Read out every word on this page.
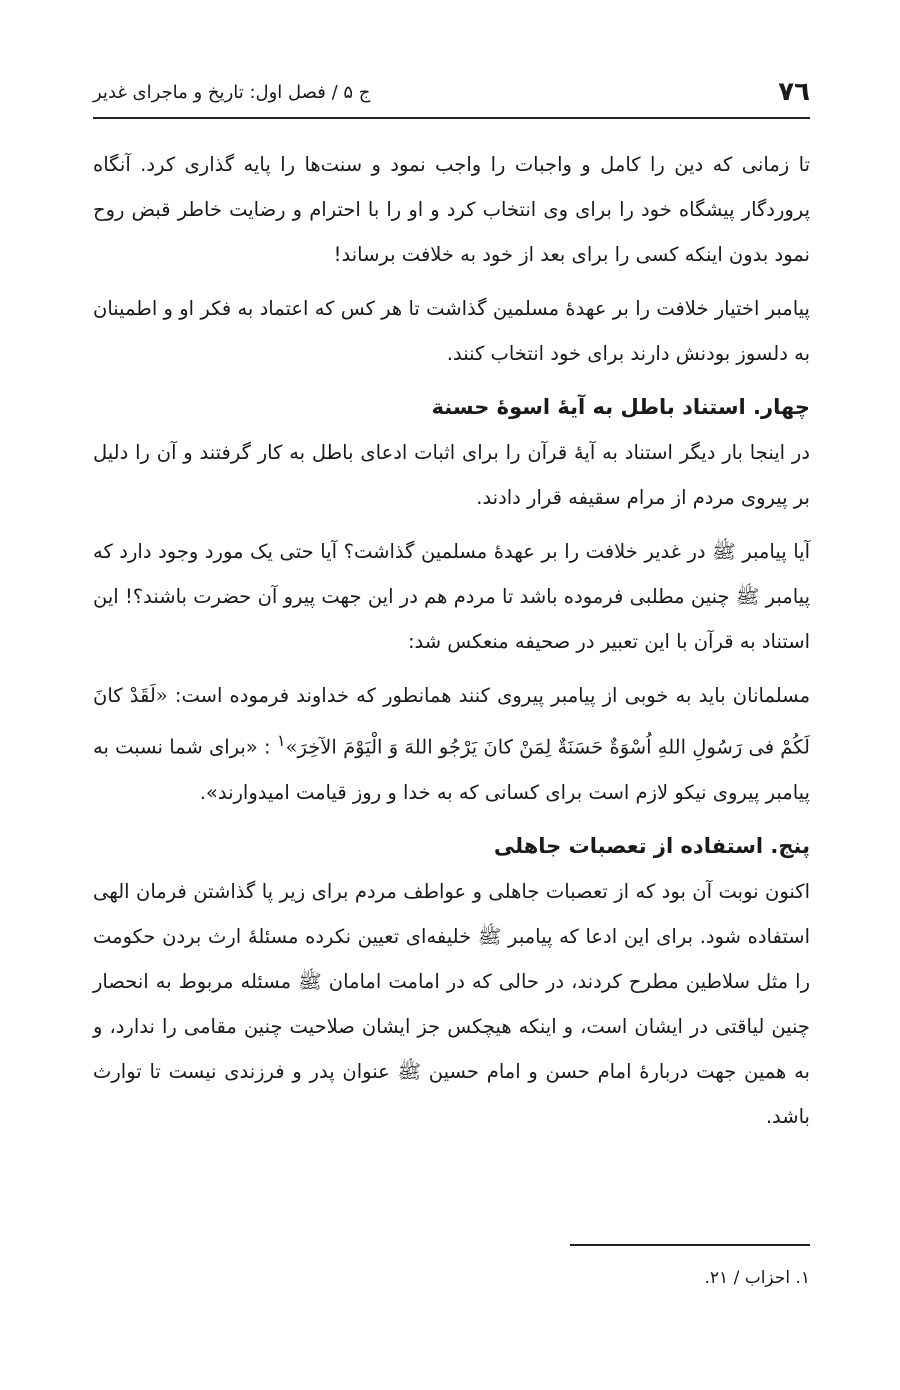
٧٦
ج ۵ / فصل اول: تاریخ و ماجرای غدیر

تا زمانی که دین را کامل و واجبات را واجب نمود و سنت‌ها را پایه گذاری کرد. آنگاه پروردگار پیشگاه خود را برای وی انتخاب کرد و او را با احترام و رضایت خاطر قبض روح نمود بدون اینکه کسی را برای بعد از خود به خلافت برساند!

پیامبر اختیار خلافت را بر عهدهٔ مسلمین گذاشت تا هر کس که اعتماد به فکر او و اطمینان به دلسوز بودنش دارند برای خود انتخاب کنند.

چهار. استناد باطل به آیهٔ اسوهٔ حسنة

در اینجا بار دیگر استناد به آیهٔ قرآن را برای اثبات ادعای باطل به کار گرفتند و آن را دلیل بر پیروی مردم از مرام سقیفه قرار دادند.

آیا پیامبر ﷺ در غدیر خلافت را بر عهدهٔ مسلمین گذاشت؟ آیا حتی یک مورد وجود دارد که پیامبر ﷺ چنین مطلبی فرموده باشد تا مردم هم در این جهت پیرو آن حضرت باشند؟! این استناد به قرآن با این تعبیر در صحیفه منعکس شد:

مسلمانان باید به خوبی از پیامبر پیروی کنند همانطور که خداوند فرموده است: «لَقَدْ كانَ لَكُمْ فی رَسُولِ اللهِ اُسْوَةٌ حَسَنَةٌ لِمَنْ كانَ یَرْجُو اللهَ وَ الْیَوْمَ الآخِرَ»$^١$ : «برای شما نسبت به پیامبر پیروی نیکو لازم است برای کسانی که به خدا و روز قیامت امیدوارند».

پنج. استفاده از تعصبات جاهلی

اکنون نوبت آن بود که از تعصبات جاهلی و عواطف مردم برای زیر پا گذاشتن فرمان الهی استفاده شود. برای این ادعا که پیامبر ﷺ خلیفه‌ای تعیین نکرده مسئلهٔ ارث بردن حکومت را مثل سلاطین مطرح کردند، در حالی که در امامت امامان ﷺ مسئله مربوط به انحصار چنین لیاقتی در ایشان است، و اینکه هیچکس جز ایشان صلاحیت چنین مقامی را ندارد، و به همین جهت دربارهٔ امام حسن و امام حسین ﷺ عنوان پدر و فرزندی نیست تا توارث باشد.

١. احزاب / ٢١.
